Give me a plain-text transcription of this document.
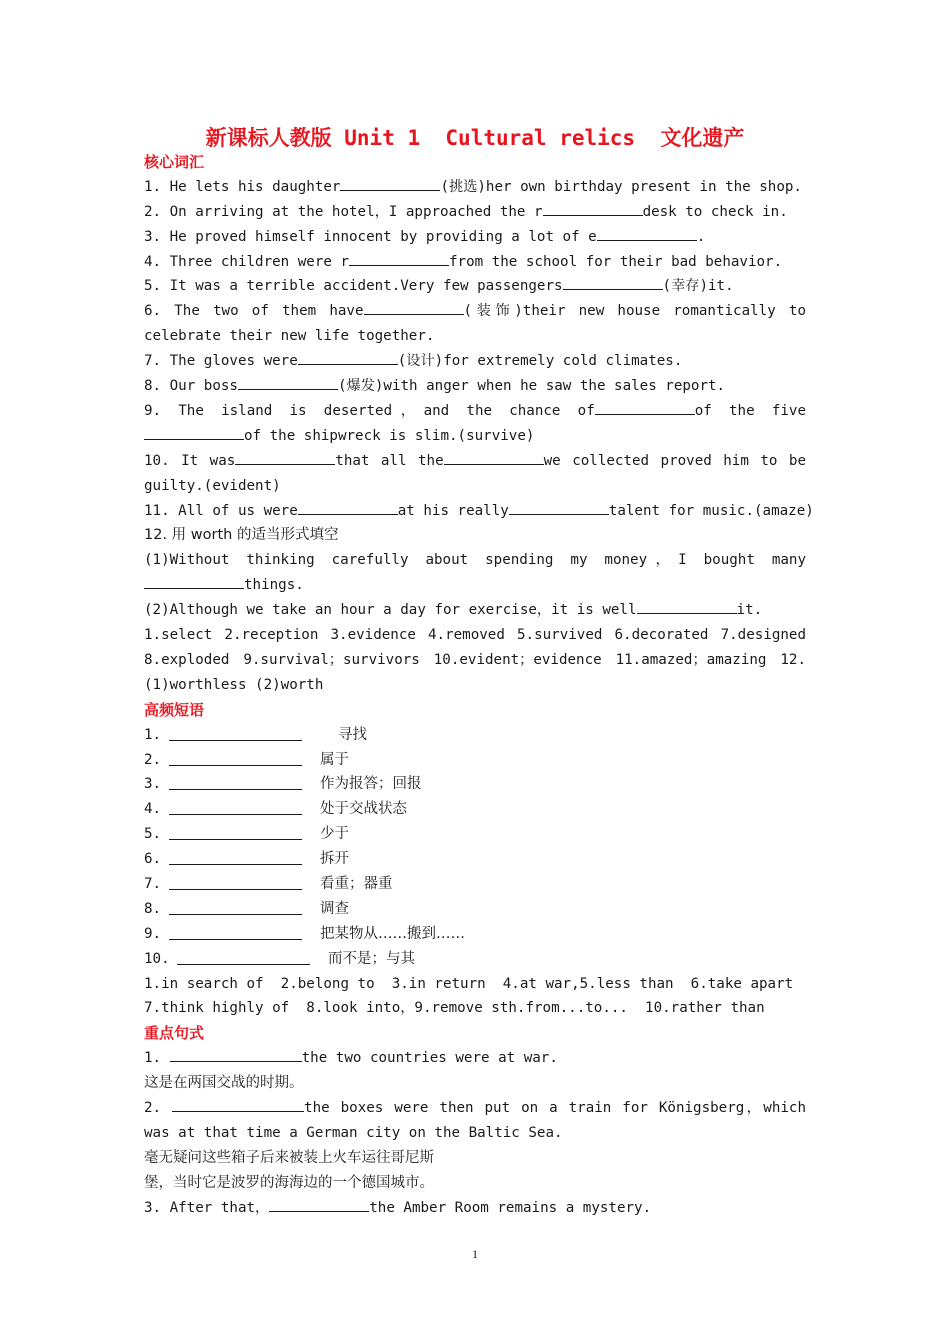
新课标人教版 Unit 1  Cultural relics  文化遗产
核心词汇
1. He lets his daughter	(挑选)her own birthday present in the shop.
2. On arriving at the hotel，I approached the r	desk to check in.
3. He proved himself innocent by providing a lot of e	.
4. Three children were r	from the school for their bad behavior.
5. It was a terrible accident.Very few passengers	(幸存)it.
6. The two of them have	(装饰)their new house romantically to celebrate their new life together.
7. The gloves were	(设计)for extremely cold climates.
8. Our boss	(爆发)with anger when he saw the sales report.
9. The island is deserted，and the chance of	of the fiveof the shipwreck is slim.(survive)
10. It was	that all the	we collected proved him to be guilty.(evident)
11. All of us were	at his really	talent for music.(amaze)
12. 用 worth 的适当形式填空
(1)Without thinking carefully about spending my money，I bought manythings.
(2)Although we take an hour a day for exercise，it is well	it.
1.select 2.reception 3.evidence 4.removed 5.survived 6.decorated 7.designed 8.exploded 9.survival；survivors 10.evident；evidence 11.amazed；amazing 12.(1)worthless (2)worth
高频短语
1.	寻找
2.	属于
3.	作为报答；回报
4.	处于交战状态
5.	少于
6.	拆开
7.	看重；器重
8.	调查
9.	把某物从……搬到……
10.	而不是；与其
1.in search of  2.belong to  3.in return  4.at war,5.less than  6.take apart
7.think highly of  8.look into，9.remove sth.from...to...  10.rather than
重点句式
1.	the two countries were at war.
这是在两国交战的时期。
2.	the boxes were then put on a train for Königsberg，which was at that time a German city on the Baltic Sea.
毫无疑问这些箱子后来被装上火车运往哥尼斯
堡，当时它是波罗的海海边的一个德国城市。
3. After that，	the Amber Room remains a mystery.
1
